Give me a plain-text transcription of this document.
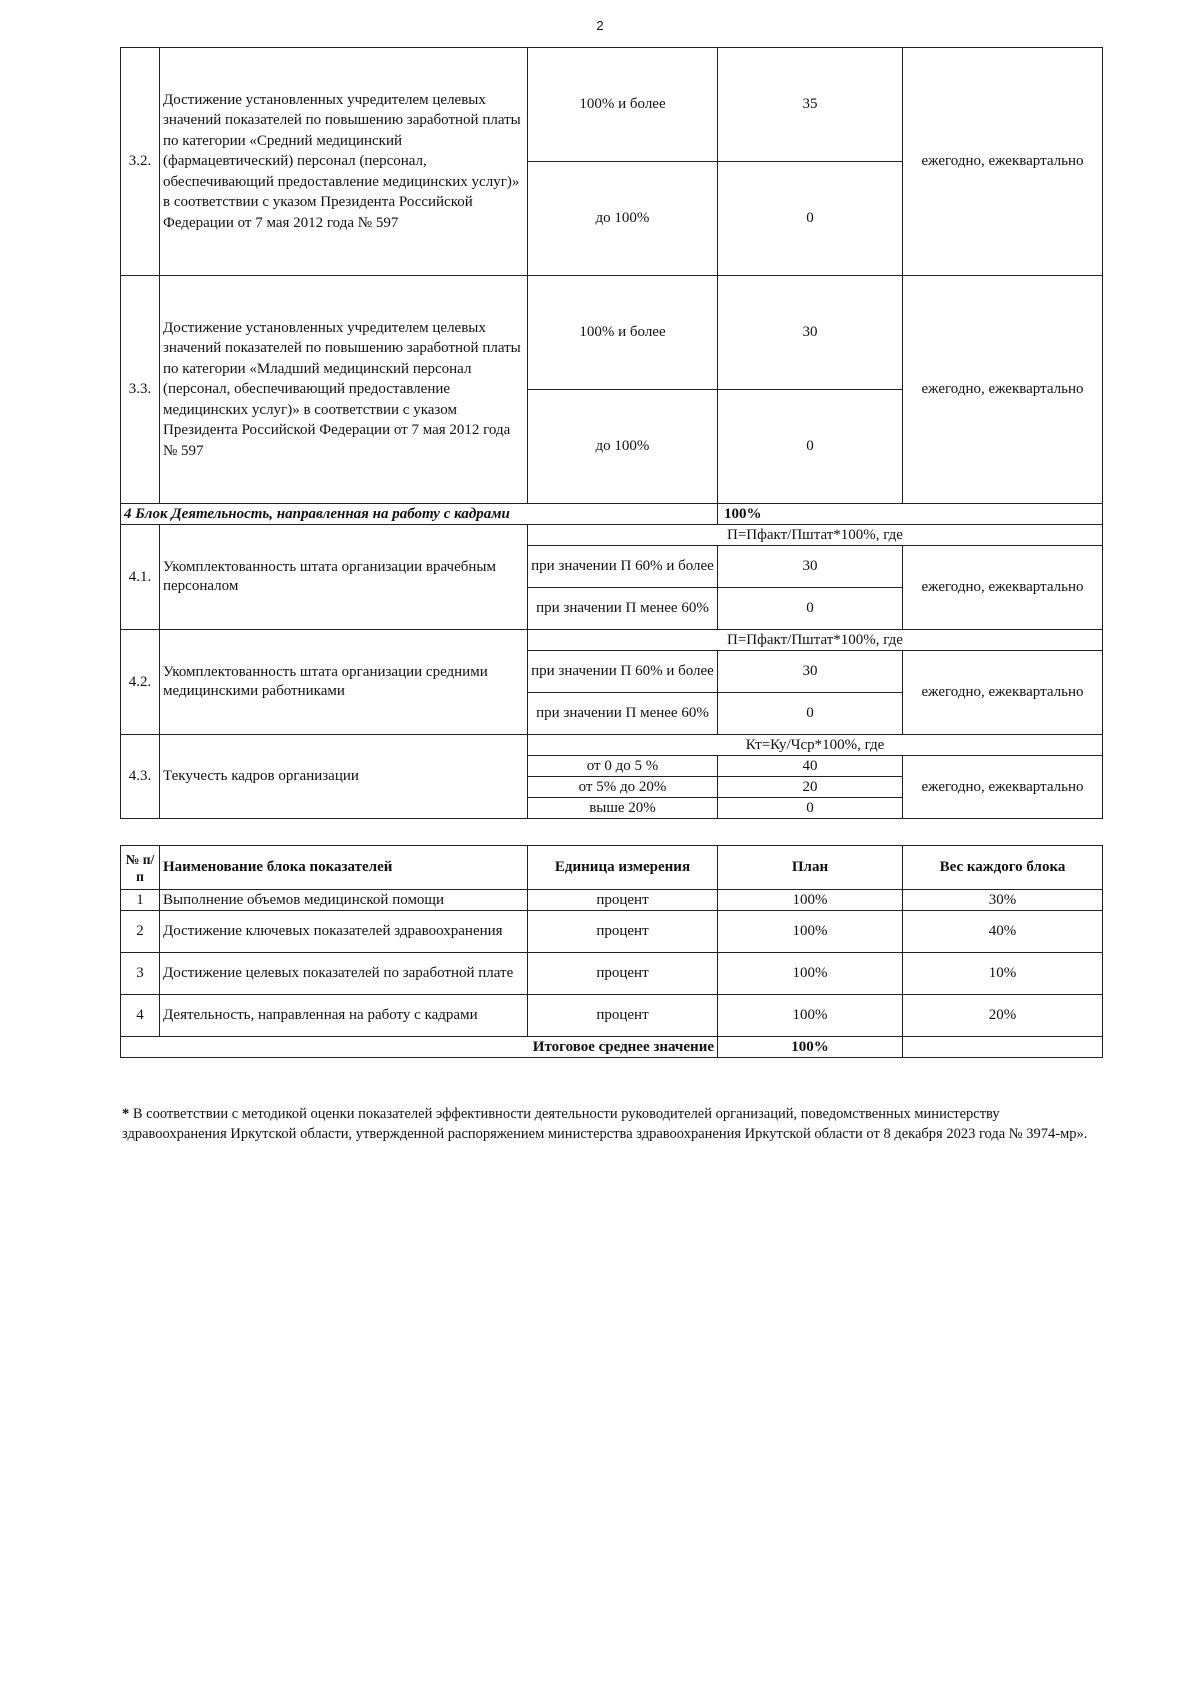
2
3.2.	Достижение установленных учредителем целевых значений показателей по повышению заработной платы по категории «Средний медицинский (фармацевтический) персонал (персонал, обеспечивающий предоставление медицинских услуг)» в соответствии с указом Президента Российской Федерации от 7 мая 2012 года № 597	100% и более	35	ежегодно, ежеквартально
		до 100%	0	
3.3.	Достижение установленных учредителем целевых значений показателей по повышению заработной платы по категории «Младший медицинский персонал (персонал, обеспечивающий предоставление медицинских услуг)» в соответствии с указом Президента Российской Федерации от 7 мая 2012 года № 597	100% и более	30	ежегодно, ежеквартально
		до 100%	0	
4 Блок Деятельность, направленная на работу с кадрами			100%	
4.1.	Укомплектованность штата организации врачебным персоналом	П=Пфакт/Пштат*100%, где		
		при значении П 60% и более	30	ежегодно, ежеквартально
		при значении П менее 60%	0	
4.2.	Укомплектованность штата организации средними медицинскими работниками	П=Пфакт/Пштат*100%, где		
		при значении П 60% и более	30	ежегодно, ежеквартально
		при значении П менее 60%	0	
4.3.	Текучесть кадров организации	Кт=Ку/Чср*100%, где		
		от 0 до 5 %	40	ежегодно, ежеквартально
		от 5% до 20%	20	
		выше 20%	0	
№ п/п	Наименование блока показателей	Единица измерения	План	Вес каждого блока
1	Выполнение объемов медицинской помощи	процент	100%	30%
2	Достижение ключевых показателей здравоохранения	процент	100%	40%
3	Достижение целевых показателей по заработной плате	процент	100%	10%
4	Деятельность, направленная на работу с кадрами	процент	100%	20%
Итоговое среднее значение			100%	
* В соответствии с методикой оценки показателей эффективности деятельности руководителей организаций, поведомственных министерству здравоохранения Иркутской области, утвержденной распоряжением министерства здравоохранения Иркутской области от 8 декабря 2023 года № 3974-мр».
